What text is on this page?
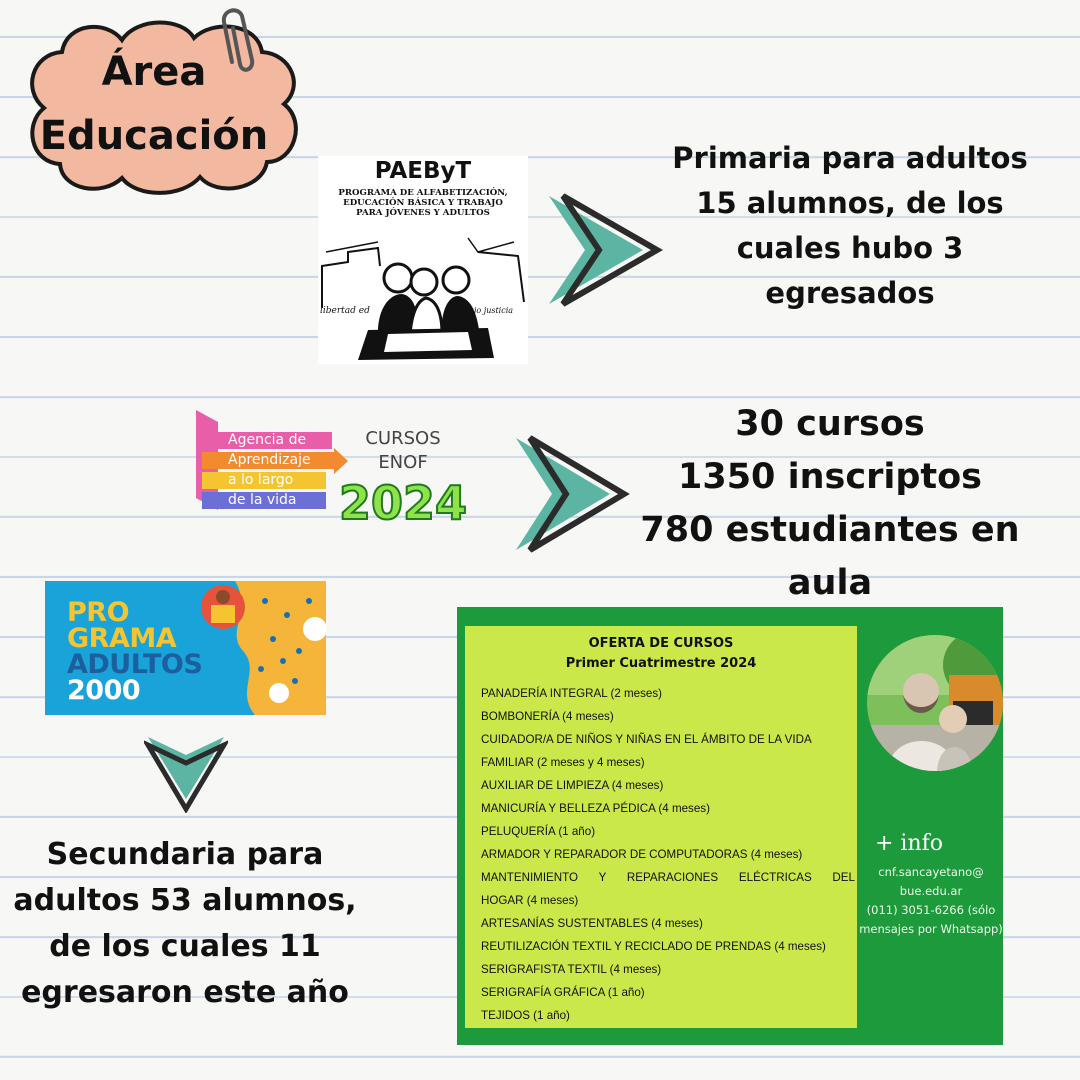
Área
Educación
PAEByT
PROGRAMA DE ALFABETIZACIÓN,
EDUCACIÓN BÁSICA Y TRABAJO
PARA JÓVENES Y ADULTOS
libertad ed	bajo justicia
Primaria para adultos
15 alumnos, de los
cuales hubo 3
egresados
Agencia de
Aprendizaje
a lo largo
de la vida
CURSOS
ENOF
2024
30 cursos
1350 inscriptos
780 estudiantes en
aula
PRO
GRAMA
ADULTOS
2000
Secundaria para
adultos 53 alumnos,
de los cuales 11
egresaron este año
OFERTA DE CURSOS
Primer Cuatrimestre 2024
PANADERÍA INTEGRAL (2 meses)
BOMBONERÍA (4 meses)
CUIDADOR/A DE NIÑOS Y NIÑAS EN EL ÁMBITO DE LA VIDA
FAMILIAR (2 meses y 4 meses)
AUXILIAR DE LIMPIEZA (4 meses)
MANICURÍA Y BELLEZA PÉDICA (4 meses)
PELUQUERÍA (1 año)
ARMADOR Y REPARADOR DE COMPUTADORAS (4 meses)
MANTENIMIENTO Y REPARACIONES ELÉCTRICAS DEL
HOGAR (4 meses)
ARTESANÍAS SUSTENTABLES (4 meses)
REUTILIZACIÓN TEXTIL Y RECICLADO DE PRENDAS (4 meses)
SERIGRAFISTA TEXTIL (4 meses)
SERIGRAFÍA GRÁFICA (1 año)
TEJIDOS (1 año)
+ info
cnf.sancayetano@
bue.edu.ar
(011) 3051-6266 (sólo
mensajes por Whatsapp)
